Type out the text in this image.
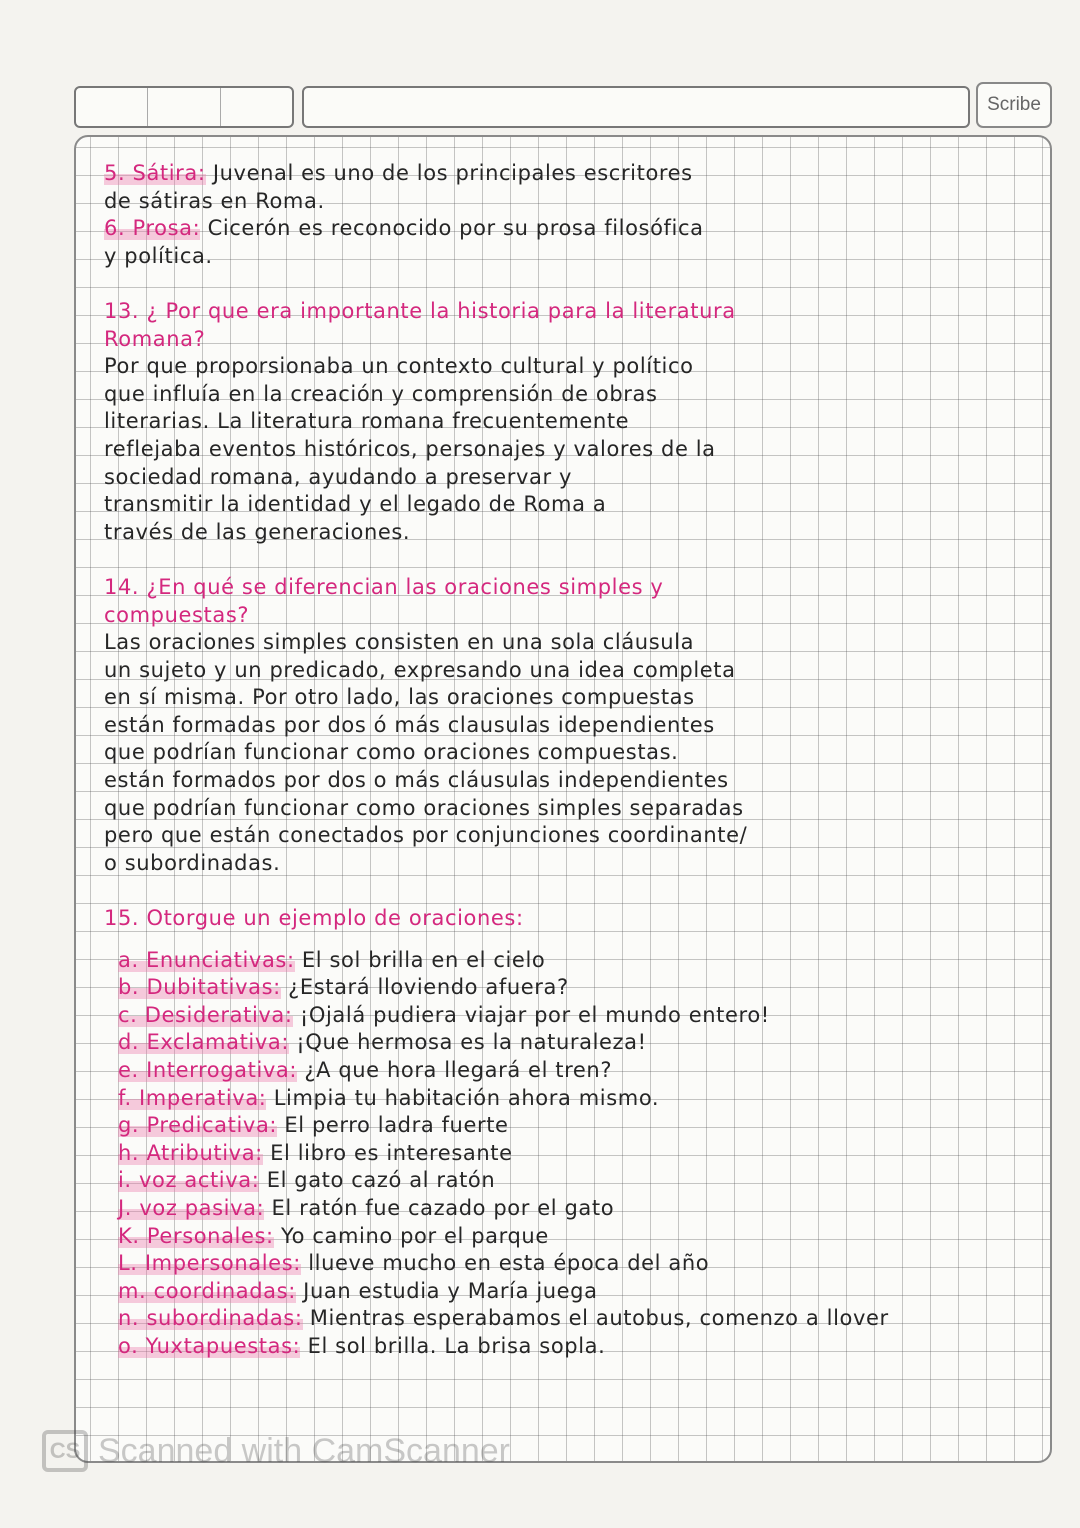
Scribe
5. Sátira: Juvenal es uno de los principales escritores
de sátiras en Roma.
6. Prosa: Cicerón es reconocido por su prosa filosófica
y política.
13. ¿ Por que era importante la historia para la literatura
Romana?
Por que proporsionaba un contexto cultural y político
que influía en la creación y comprensión de obras
literarias. La literatura romana frecuentemente
reflejaba eventos históricos, personajes y valores de la
sociedad romana, ayudando a preservar y
transmitir la identidad y el legado de Roma a
través de las generaciones.
14. ¿En qué se diferencian las oraciones simples y
compuestas?
Las oraciones simples consisten en una sola cláusula
un sujeto y un predicado, expresando una idea completa
en sí misma. Por otro lado, las oraciones compuestas
están formadas por dos ó más clausulas idependientes
que podrían funcionar como oraciones compuestas.
están formados por dos o más cláusulas independientes
que podrían funcionar como oraciones simples separadas
pero que están conectados por conjunciones coordinante/
o subordinadas.
15. Otorgue un ejemplo de oraciones:
a. Enunciativas: El sol brilla en el cielo
b. Dubitativas: ¿Estará lloviendo afuera?
c. Desiderativa: ¡Ojalá pudiera viajar por el mundo entero!
d. Exclamativa: ¡Que hermosa es la naturaleza!
e. Interrogativa: ¿A que hora llegará el tren?
f. Imperativa: Limpia tu habitación ahora mismo.
g. Predicativa: El perro ladra fuerte
h. Atributiva: El libro es interesante
i. voz activa: El gato cazó al ratón
J. voz pasiva: El ratón fue cazado por el gato
K. Personales: Yo camino por el parque
L. Impersonales: llueve mucho en esta época del año
m. coordinadas: Juan estudia y María juega
n. subordinadas: Mientras esperabamos el autobus, comenzo a llover
o. Yuxtapuestas: El sol brilla. La brisa sopla.
CS Scanned with CamScanner
